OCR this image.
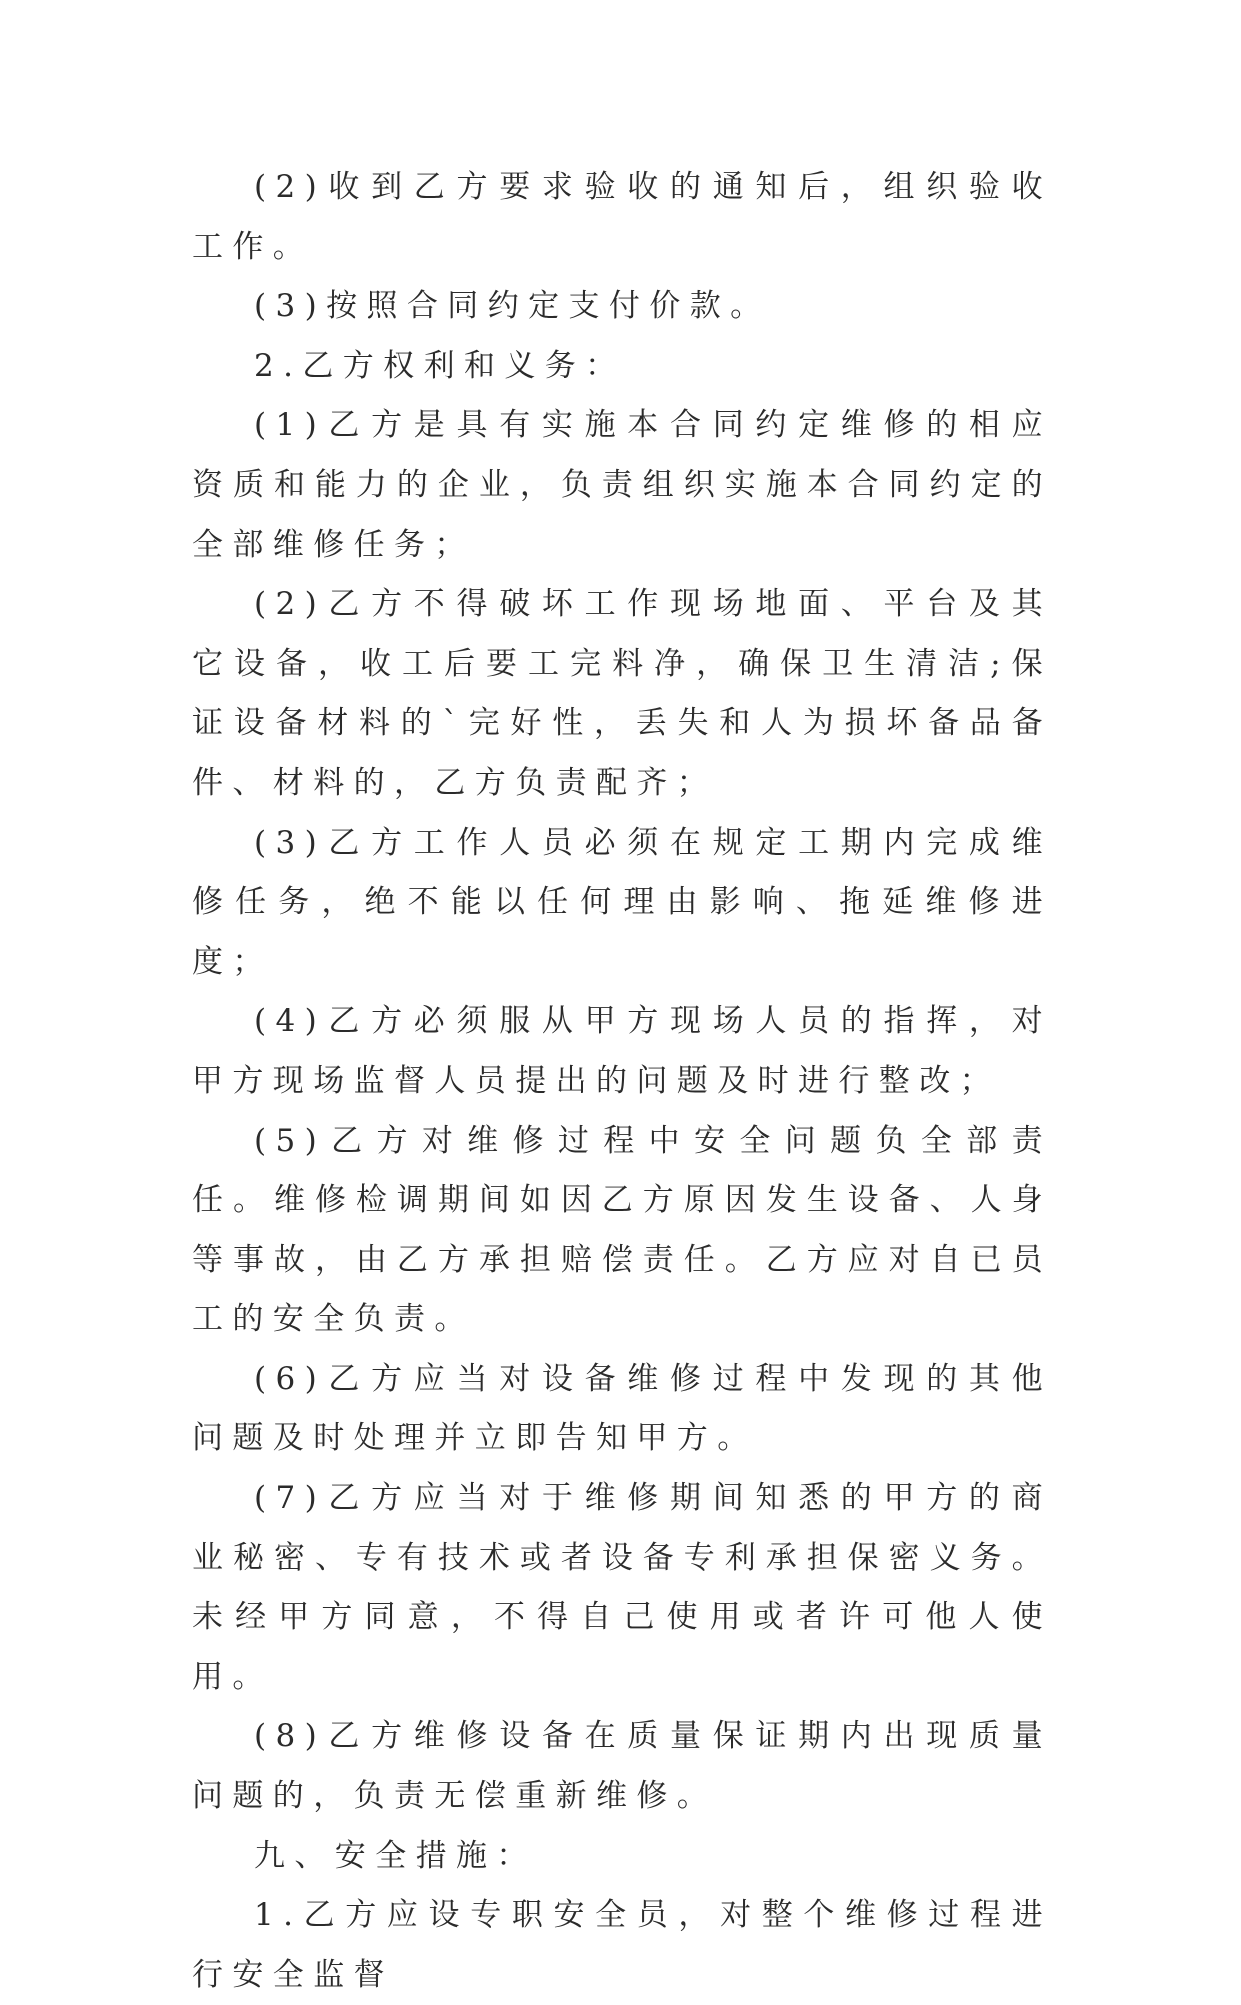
(2)收到乙方要求验收的通知后，组织验收工作。

(3)按照合同约定支付价款。

2.乙方权利和义务：

(1)乙方是具有实施本合同约定维修的相应资质和能力的企业，负责组织实施本合同约定的全部维修任务；

(2)乙方不得破坏工作现场地面、平台及其它设备，收工后要工完料净，确保卫生清洁;保证设备材料的`完好性，丢失和人为损坏备品备件、材料的，乙方负责配齐；

(3)乙方工作人员必须在规定工期内完成维修任务，绝不能以任何理由影响、拖延维修进度；

(4)乙方必须服从甲方现场人员的指挥，对甲方现场监督人员提出的问题及时进行整改；

(5)乙方对维修过程中安全问题负全部责任。维修检调期间如因乙方原因发生设备、人身等事故，由乙方承担赔偿责任。乙方应对自已员工的安全负责。

(6)乙方应当对设备维修过程中发现的其他问题及时处理并立即告知甲方。

(7)乙方应当对于维修期间知悉的甲方的商业秘密、专有技术或者设备专利承担保密义务。未经甲方同意，不得自己使用或者许可他人使用。

(8)乙方维修设备在质量保证期内出现质量问题的，负责无偿重新维修。

九、安全措施：

1.乙方应设专职安全员，对整个维修过程进行安全监督
